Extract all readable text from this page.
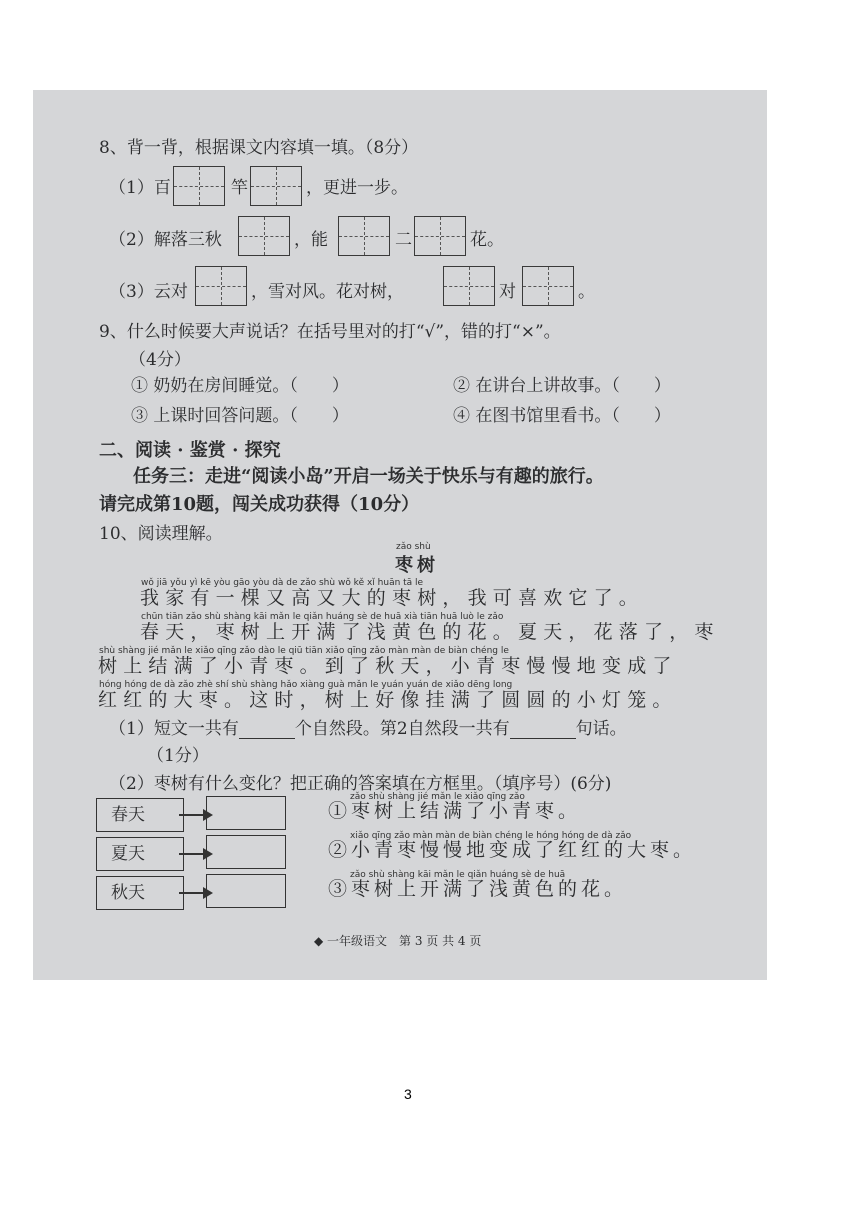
8、背一背，根据课文内容填一填。（8分）
（1）百	竿	，更进一步。
（2）解落三秋	，能	二	花。
（3）云对	，雪对风。花对树，	对	。
9、什么时候要大声说话？在括号里对的打“√”，错的打“×”。
（4分）
① 奶奶在房间睡觉。（　　）	② 在讲台上讲故事。（　　）
③ 上课时回答问题。（　　）	④ 在图书馆里看书。（　　）
二、阅读 · 鉴赏 · 探究
任务三：走进“阅读小岛”开启一场关于快乐与有趣的旅行。
请完成第10题，闯关成功获得（10分）
10、阅读理解。
zǎo shù
枣树
wǒ jiā yǒu yì kē yòu gāo yòu dà de zǎo shù wǒ kě xǐ huān tā le
我家有一棵又高又大的枣树，我可喜欢它了。
chūn tiān zǎo shù shàng kāi mǎn le qiǎn huáng sè de huā xià tiān huā luò le zǎo
春天，枣树上开满了浅黄色的花。夏天，花落了，枣
shù shàng jié mǎn le xiǎo qīng zǎo dào le qiū tiān xiǎo qīng zǎo màn màn de biàn chéng le
树上结满了小青枣。到了秋天，小青枣慢慢地变成了
hóng hóng de dà zǎo zhè shí shù shàng hǎo xiàng guà mǎn le yuán yuán de xiǎo dēng long
红红的大枣。这时，树上好像挂满了圆圆的小灯笼。
（1）短文一共有	个自然段。第2自然段一共有	句话。
（1分）
（2）枣树有什么变化？把正确的答案填在方框里。（填序号）(6分)
春天
夏天
秋天
zǎo shù shàng jié mǎn le xiǎo qīng zǎo
①枣树上结满了小青枣。
xiǎo qīng zǎo màn màn de biàn chéng le hóng hóng de dà zǎo
②小青枣慢慢地变成了红红的大枣。
zǎo shù shàng kāi mǎn le qiǎn huáng sè de huā
③枣树上开满了浅黄色的花。
◆ 一年级语文　第 3 页 共 4 页
3
